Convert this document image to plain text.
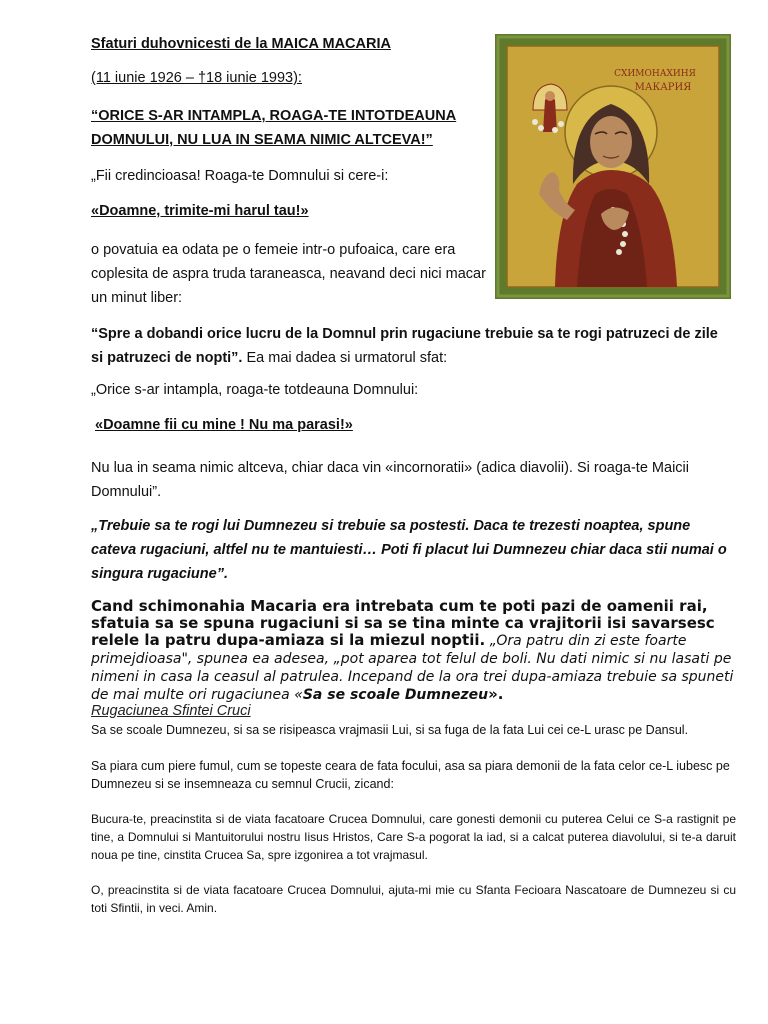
Sfaturi duhovnicesti de la MAICA MACARIA
(11 iunie 1926 – †18 iunie 1993):
“ORICE S-AR INTAMPLA, ROAGA-TE INTOTDEAUNA DOMNULUI, NU LUA IN SEAMA NIMIC ALTCEVA!”
„Fii credincioasa! Roaga-te Domnului si cere-i:
«Doamne, trimite-mi harul tau!»
o povatuia ea odata pe o femeie intr-o pufoaica, care era coplesita de aspra truda taraneasca, neavand deci nici macar un minut liber:
“Spre a dobandi orice lucru de la Domnul prin rugaciune trebuie sa te rogi patruzeci de zile si patruzeci de nopti”. Ea mai dadea si urmatorul sfat:
„Orice s-ar intampla, roaga-te totdeauna Domnului:
«Doamne fii cu mine ! Nu ma parasi!»
Nu lua in seama nimic altceva, chiar daca vin «incornoratii» (adica diavolii). Si roaga-te Maicii Domnului”.
„Trebuie sa te rogi lui Dumnezeu si trebuie sa postesti. Daca te trezesti noaptea, spune cateva rugaciuni, altfel nu te mantuiesti… Poti fi placut lui Dumnezeu chiar daca stii numai o singura rugaciune”.
Cand schimonahia Macaria era intrebata cum te poti pazi de oamenii rai, sfatuia sa se spuna rugaciuni si sa se tina minte ca vrajitorii isi savarsesc relele la patru dupa-amiaza si la miezul noptii. „Ora patru din zi este foarte primejdioasa", spunea ea adesea, „pot aparea tot felul de boli. Nu dati nimic si nu lasati pe nimeni in casa la ceasul al patrulea. Incepand de la ora trei dupa-amiaza trebuie sa spuneti de mai multe ori rugaciunea «Sa se scoale Dumnezeu».
Rugaciunea Sfintei Cruci
Sa se scoale Dumnezeu, si sa se risipeasca vrajmasii Lui, si sa fuga de la fata Lui cei ce-L urasc pe Dansul.
Sa piara cum piere fumul, cum se topeste ceara de fata focului, asa sa piara demonii de la fata celor ce-L iubesc pe Dumnezeu si se insemneaza cu semnul Crucii, zicand:
Bucura-te, preacinstita si de viata facatoare Crucea Domnului, care gonesti demonii cu puterea Celui ce S-a rastignit pe tine, a Domnului si Mantuitorului nostru Iisus Hristos, Care S-a pogorat la iad, si a calcat puterea diavolului, si te-a daruit noua pe tine, cinstita Crucea Sa, spre izgonirea a tot vrajmasul.
O, preacinstita si de viata facatoare Crucea Domnului, ajuta-mi mie cu Sfanta Fecioara Nascatoare de Dumnezeu si cu toti Sfintii, in veci. Amin.
СХИМОНАХИНЯ
МАКАРИЯ
